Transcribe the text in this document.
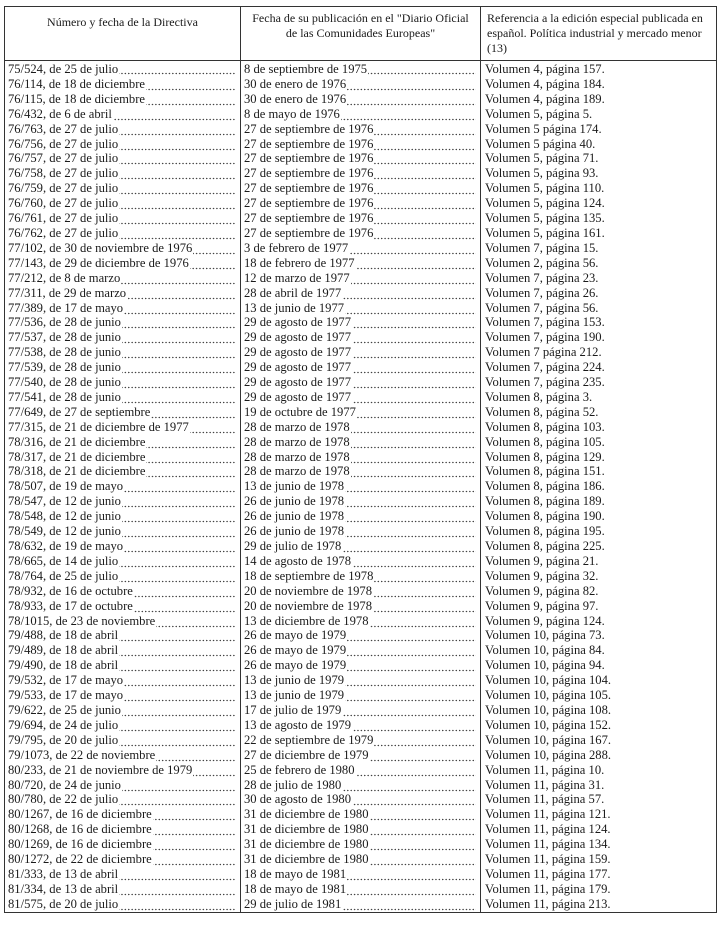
Número y fecha de la Directiva	Fecha de su publicación en el "Diario Oficial de las Comunidades Europeas"	Referencia a la edición especial publicada en español. Política industrial y mercado menor (13)
75/524, de 25 de julio	8 de septiembre de 1975	Volumen 4, página 157.
76/114, de 18 de diciembre	30 de enero de 1976	Volumen 4, página 184.
76/115, de 18 de diciembre	30 de enero de 1976	Volumen 4, página 189.
76/432, de 6 de abril	8 de mayo de 1976	Volumen 5, página 5.
76/763, de 27 de julio	27 de septiembre de 1976	Volumen 5 página 174.
76/756, de 27 de julio	27 de septiembre de 1976	Volumen 5 página 40.
76/757, de 27 de julio	27 de septiembre de 1976	Volumen 5, página 71.
76/758, de 27 de julio	27 de septiembre de 1976	Volumen 5, página 93.
76/759, de 27 de julio	27 de septiembre de 1976	Volumen 5, página 110.
76/760, de 27 de julio	27 de septiembre de 1976	Volumen 5, página 124.
76/761, de 27 de julio	27 de septiembre de 1976	Volumen 5, página 135.
76/762, de 27 de julio	27 de septiembre de 1976	Volumen 5, página 161.
77/102, de 30 de noviembre de 1976	3 de febrero de 1977	Volumen 7, página 15.
77/143, de 29 de diciembre de 1976	18 de febrero de 1977	Volumen 2, página 56.
77/212, de 8 de marzo	12 de marzo de 1977	Volumen 7, página 23.
77/311, de 29 de marzo	28 de abril de 1977	Volumen 7, página 26.
77/389, de 17 de mayo	13 de junio de 1977	Volumen 7, página 56.
77/536, de 28 de junio	29 de agosto de 1977	Volumen 7, página 153.
77/537, de 28 de junio	29 de agosto de 1977	Volumen 7, página 190.
77/538, de 28 de junio	29 de agosto de 1977	Volumen 7 página 212.
77/539, de 28 de junio	29 de agosto de 1977	Volumen 7, página 224.
77/540, de 28 de junio	29 de agosto de 1977	Volumen 7, página 235.
77/541, de 28 de junio	29 de agosto de 1977	Volumen 8, página 3.
77/649, de 27 de septiembre	19 de octubre de 1977	Volumen 8, página 52.
77/315, de 21 de diciembre de 1977	28 de marzo de 1978	Volumen 8, página 103.
78/316, de 21 de diciembre	28 de marzo de 1978	Volumen 8, página 105.
78/317, de 21 de diciembre	28 de marzo de 1978	Volumen 8, página 129.
78/318, de 21 de diciembre	28 de marzo de 1978	Volumen 8, página 151.
78/507, de 19 de mayo	13 de junio de 1978	Volumen 8, página 186.
78/547, de 12 de junio	26 de junio de 1978	Volumen 8, página 189.
78/548, de 12 de junio	26 de junio de 1978	Volumen 8, página 190.
78/549, de 12 de junio	26 de junio de 1978	Volumen 8, página 195.
78/632, de 19 de mayo	29 de julio de 1978	Volumen 8, página 225.
78/665, de 14 de julio	14 de agosto de 1978	Volumen 9, página 21.
78/764, de 25 de julio	18 de septiembre de 1978	Volumen 9, página 32.
78/932, de 16 de octubre	20 de noviembre de 1978	Volumen 9, página 82.
78/933, de 17 de octubre	20 de noviembre de 1978	Volumen 9, página 97.
78/1015, de 23 de noviembre	13 de diciembre de 1978	Volumen 9, página 124.
79/488, de 18 de abril	26 de mayo de 1979	Volumen 10, página 73.
79/489, de 18 de abril	26 de mayo de 1979	Volumen 10, página 84.
79/490, de 18 de abril	26 de mayo de 1979	Volumen 10, página 94.
79/532, de 17 de mayo	13 de junio de 1979	Volumen 10, página 104.
79/533, de 17 de mayo	13 de junio de 1979	Volumen 10, página 105.
79/622, de 25 de junio	17 de julio de 1979	Volumen 10, página 108.
79/694, de 24 de julio	13 de agosto de 1979	Volumen 10, página 152.
79/795, de 20 de julio	22 de septiembre de 1979	Volumen 10, página 167.
79/1073, de 22 de noviembre	27 de diciembre de 1979	Volumen 10, página 288.
80/233, de 21 de noviembre de 1979	25 de febrero de 1980	Volumen 11, página 10.
80/720, de 24 de junio	28 de julio de 1980	Volumen 11, página 31.
80/780, de 22 de julio	30 de agosto de 1980	Volumen 11, página 57.
80/1267, de 16 de diciembre	31 de diciembre de 1980	Volumen 11, página 121.
80/1268, de 16 de diciembre	31 de diciembre de 1980	Volumen 11, página 124.
80/1269, de 16 de diciembre	31 de diciembre de 1980	Volumen 11, página 134.
80/1272, de 22 de diciembre	31 de diciembre de 1980	Volumen 11, página 159.
81/333, de 13 de abril	18 de mayo de 1981	Volumen 11, página 177.
81/334, de 13 de abril	18 de mayo de 1981	Volumen 11, página 179.
81/575, de 20 de julio	29 de julio de 1981	Volumen 11, página 213.
